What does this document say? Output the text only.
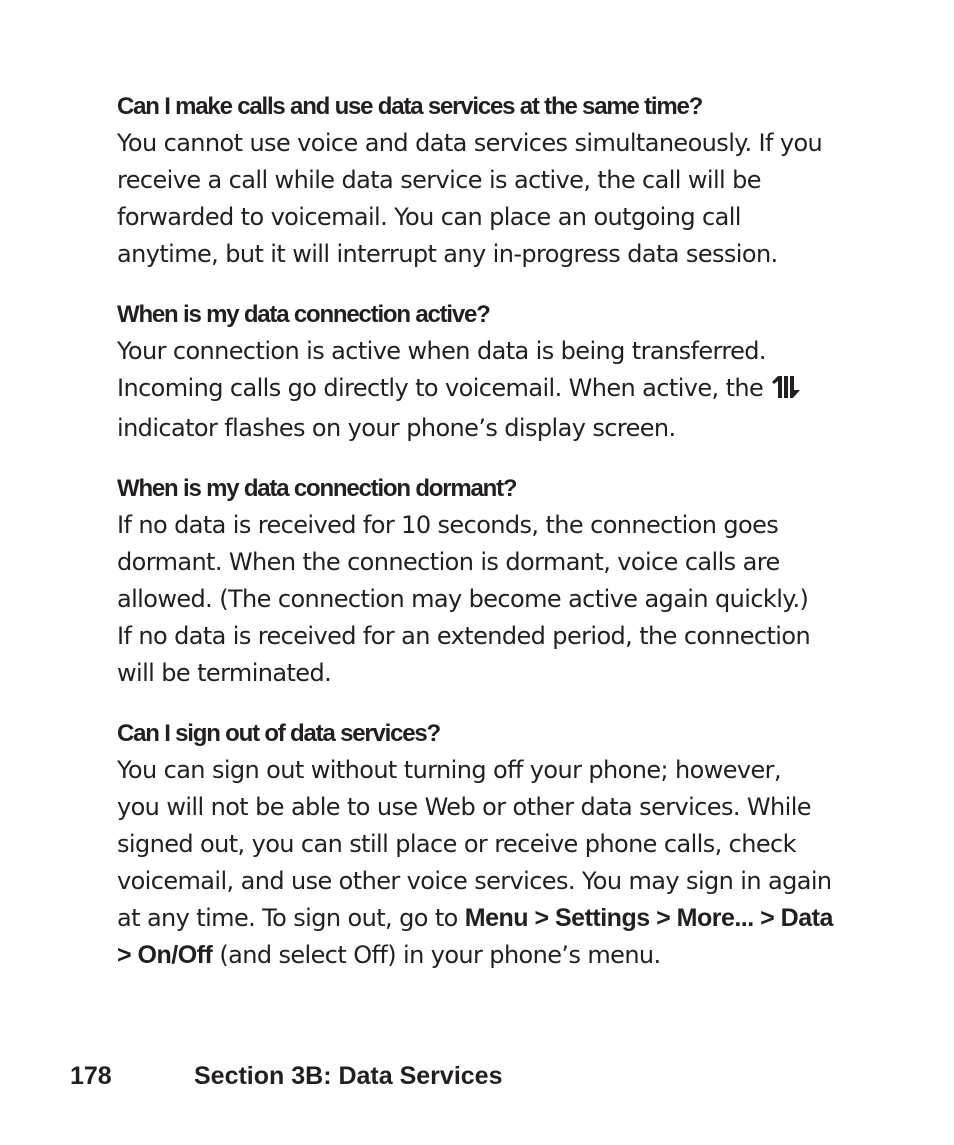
Can I make calls and use data services at the same time?

You cannot use voice and data services simultaneously. If you
receive a call while data service is active, the call will be
forwarded to voicemail. You can place an outgoing call
anytime, but it will interrupt any in-progress data session.

When is my data connection active?

Your connection is active when data is being transferred.
Incoming calls go directly to voicemail. When active, the
indicator flashes on your phone’s display screen.

When is my data connection dormant?

If no data is received for 10 seconds, the connection goes
dormant. When the connection is dormant, voice calls are
allowed. (The connection may become active again quickly.)
If no data is received for an extended period, the connection
will be terminated.

Can I sign out of data services?

You can sign out without turning off your phone; however,
you will not be able to use Web or other data services. While
signed out, you can still place or receive phone calls, check
voicemail, and use other voice services. You may sign in again
at any time. To sign out, go to Menu > Settings > More... > Data
> On/Off (and select Off) in your phone’s menu.

178	Section 3B: Data Services
